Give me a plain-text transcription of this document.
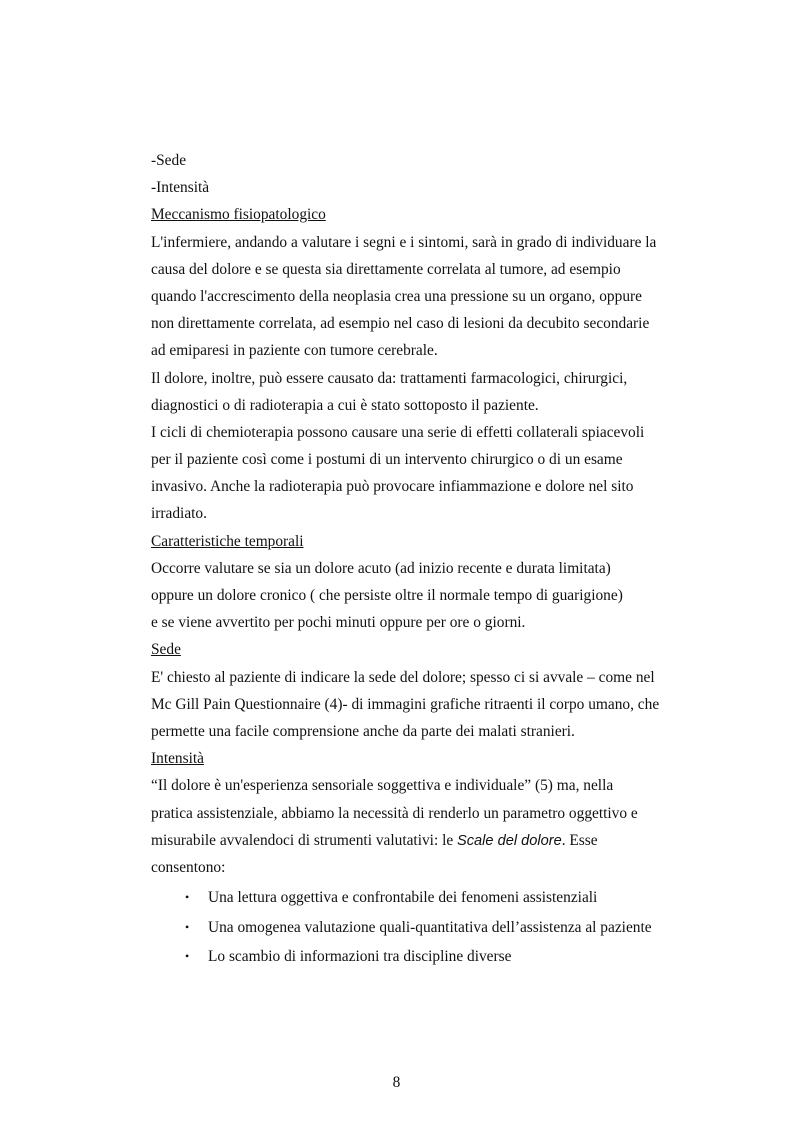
-Sede
-Intensità
Meccanismo fisiopatologico
L'infermiere, andando a valutare i segni e i sintomi, sarà in grado di individuare la
causa del dolore e se questa sia direttamente correlata al tumore, ad esempio
quando l'accrescimento della neoplasia crea una pressione su un organo, oppure
non direttamente correlata, ad esempio nel caso di lesioni da decubito secondarie
ad emiparesi in paziente con tumore cerebrale.
Il dolore, inoltre, può essere causato da: trattamenti farmacologici, chirurgici,
diagnostici o di radioterapia a cui è stato sottoposto il paziente.
I cicli di chemioterapia possono causare una serie di effetti collaterali spiacevoli
per il paziente così come i postumi di un intervento chirurgico o di un esame
invasivo. Anche la radioterapia può provocare infiammazione e dolore nel sito
irradiato.
Caratteristiche temporali
Occorre valutare se sia un dolore acuto (ad inizio recente e durata limitata)
oppure un dolore cronico ( che persiste oltre il normale tempo di guarigione)
e se viene avvertito per pochi minuti oppure per ore o giorni.
Sede
E' chiesto al paziente di indicare la sede del dolore; spesso ci si avvale – come nel
Mc Gill Pain Questionnaire (4)- di immagini grafiche ritraenti il corpo umano, che
permette una facile comprensione anche da parte dei malati stranieri.
Intensità
“Il dolore è un'esperienza sensoriale soggettiva e individuale” (5) ma, nella
pratica assistenziale, abbiamo la necessità di renderlo un parametro oggettivo e
misurabile avvalendoci di strumenti valutativi: le Scale del dolore. Esse
consentono:
• Una lettura oggettiva e confrontabile dei fenomeni assistenziali
• Una omogenea valutazione quali-quantitativa dell’assistenza al paziente
• Lo scambio di informazioni tra discipline diverse
8
